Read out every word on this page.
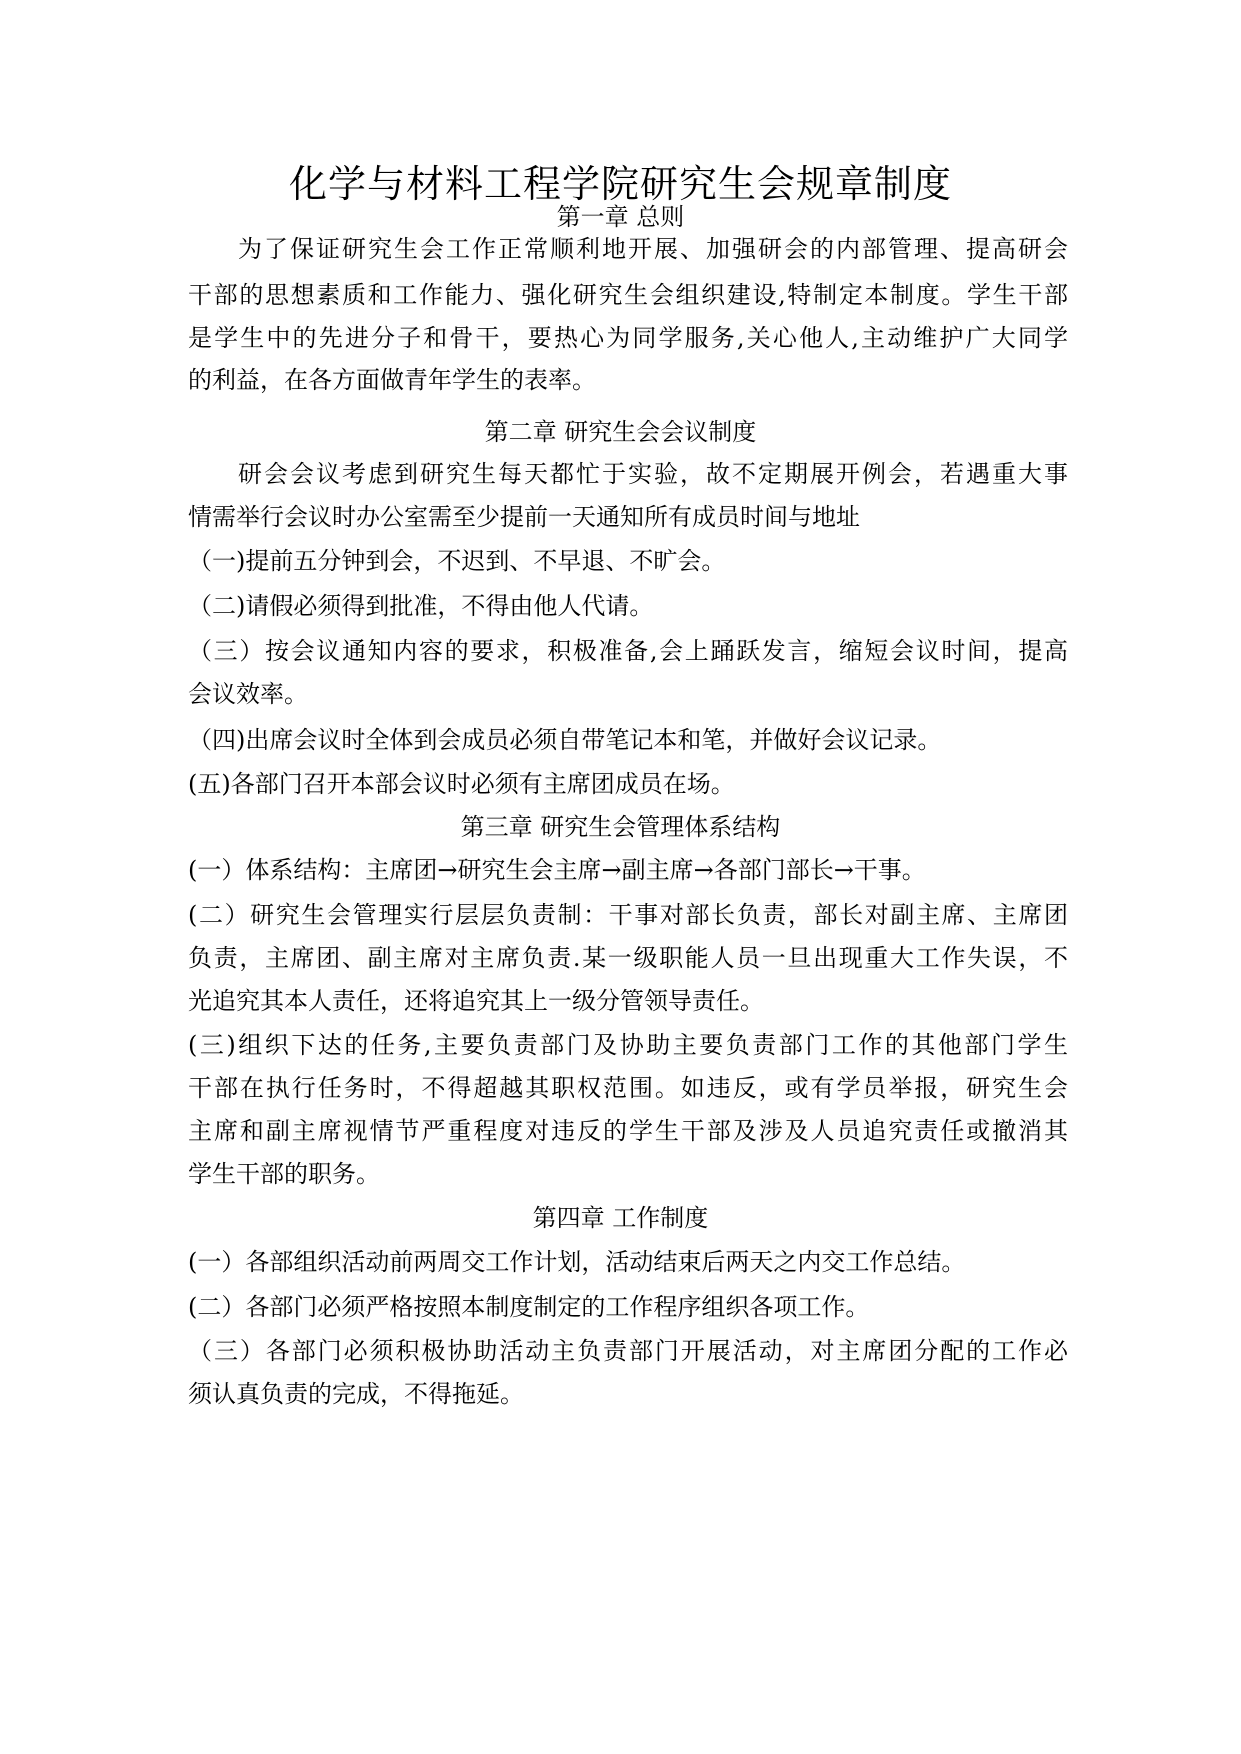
化学与材料工程学院研究生会规章制度
第一章 总则
为了保证研究生会工作正常顺利地开展、加强研会的内部管理、提高研会
干部的思想素质和工作能力、强化研究生会组织建设,特制定本制度。学生干部
是学生中的先进分子和骨干，要热心为同学服务,关心他人,主动维护广大同学
的利益，在各方面做青年学生的表率。
第二章 研究生会会议制度
研会会议考虑到研究生每天都忙于实验，故不定期展开例会，若遇重大事
情需举行会议时办公室需至少提前一天通知所有成员时间与地址
（一)提前五分钟到会，不迟到、不早退、不旷会。
（二)请假必须得到批准，不得由他人代请。
（三）按会议通知内容的要求，积极准备,会上踊跃发言，缩短会议时间，提高
会议效率。
（四)出席会议时全体到会成员必须自带笔记本和笔，并做好会议记录。
(五)各部门召开本部会议时必须有主席团成员在场。
第三章 研究生会管理体系结构
(一）体系结构：主席团→研究生会主席→副主席→各部门部长→干事。
(二）研究生会管理实行层层负责制：干事对部长负责，部长对副主席、主席团
负责，主席团、副主席对主席负责.某一级职能人员一旦出现重大工作失误，不
光追究其本人责任，还将追究其上一级分管领导责任。
(三)组织下达的任务,主要负责部门及协助主要负责部门工作的其他部门学生
干部在执行任务时，不得超越其职权范围。如违反，或有学员举报，研究生会
主席和副主席视情节严重程度对违反的学生干部及涉及人员追究责任或撤消其
学生干部的职务。
第四章 工作制度
(一）各部组织活动前两周交工作计划，活动结束后两天之内交工作总结。
(二）各部门必须严格按照本制度制定的工作程序组织各项工作。
（三）各部门必须积极协助活动主负责部门开展活动，对主席团分配的工作必
须认真负责的完成，不得拖延。
